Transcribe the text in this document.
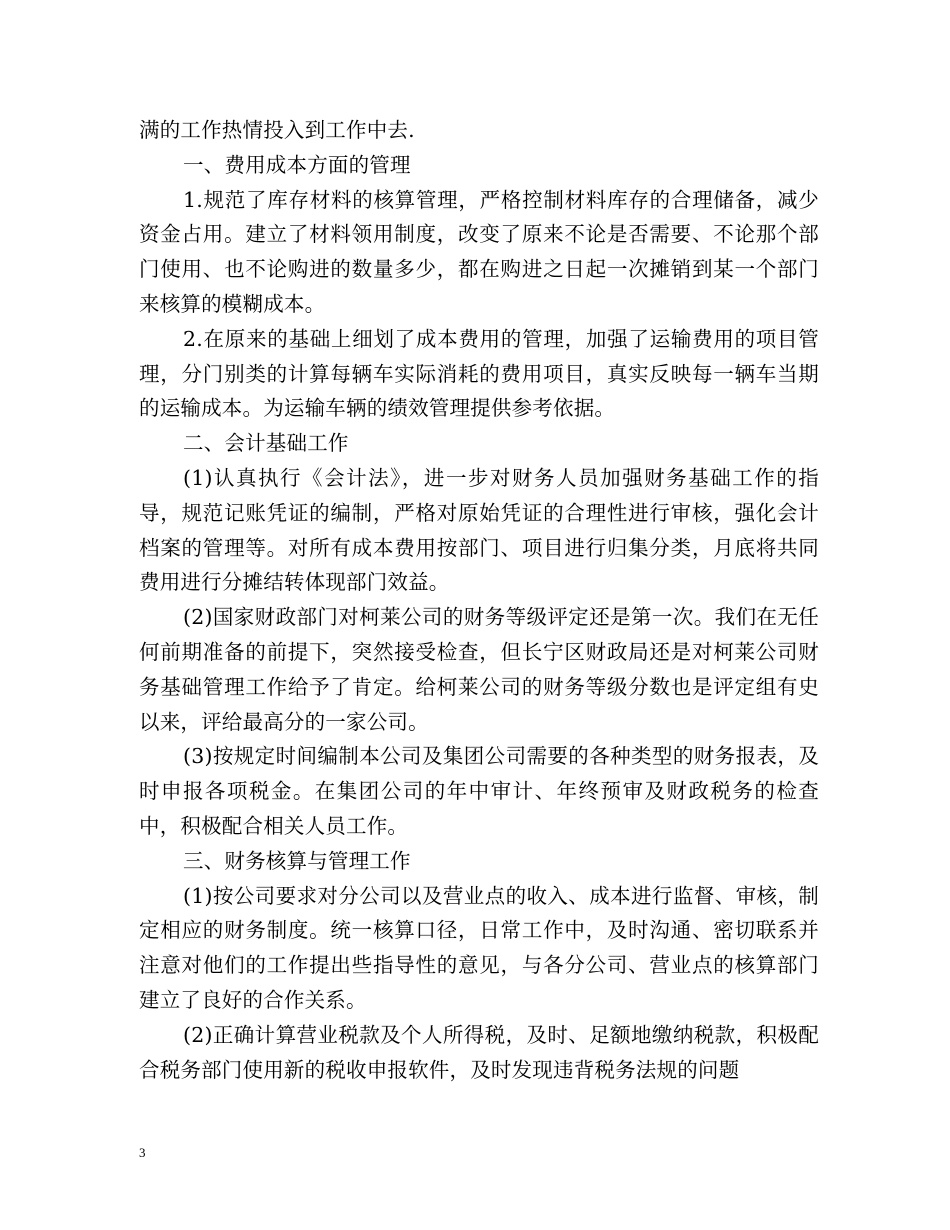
满的工作热情投入到工作中去.

一、费用成本方面的管理

1.规范了库存材料的核算管理，严格控制材料库存的合理储备，减少资金占用。建立了材料领用制度，改变了原来不论是否需要、不论那个部门使用、也不论购进的数量多少，都在购进之日起一次摊销到某一个部门来核算的模糊成本。

2.在原来的基础上细划了成本费用的管理，加强了运输费用的项目管理，分门别类的计算每辆车实际消耗的费用项目，真实反映每一辆车当期的运输成本。为运输车辆的绩效管理提供参考依据。

二、会计基础工作

(1)认真执行《会计法》，进一步对财务人员加强财务基础工作的指导，规范记账凭证的编制，严格对原始凭证的合理性进行审核，强化会计档案的管理等。对所有成本费用按部门、项目进行归集分类，月底将共同费用进行分摊结转体现部门效益。

(2)国家财政部门对柯莱公司的财务等级评定还是第一次。我们在无任何前期准备的前提下，突然接受检查，但长宁区财政局还是对柯莱公司财务基础管理工作给予了肯定。给柯莱公司的财务等级分数也是评定组有史以来，评给最高分的一家公司。

(3)按规定时间编制本公司及集团公司需要的各种类型的财务报表，及时申报各项税金。在集团公司的年中审计、年终预审及财政税务的检查中，积极配合相关人员工作。

三、财务核算与管理工作

(1)按公司要求对分公司以及营业点的收入、成本进行监督、审核，制定相应的财务制度。统一核算口径，日常工作中，及时沟通、密切联系并注意对他们的工作提出些指导性的意见，与各分公司、营业点的核算部门建立了良好的合作关系。

(2)正确计算营业税款及个人所得税，及时、足额地缴纳税款，积极配合税务部门使用新的税收申报软件，及时发现违背税务法规的问题

3
